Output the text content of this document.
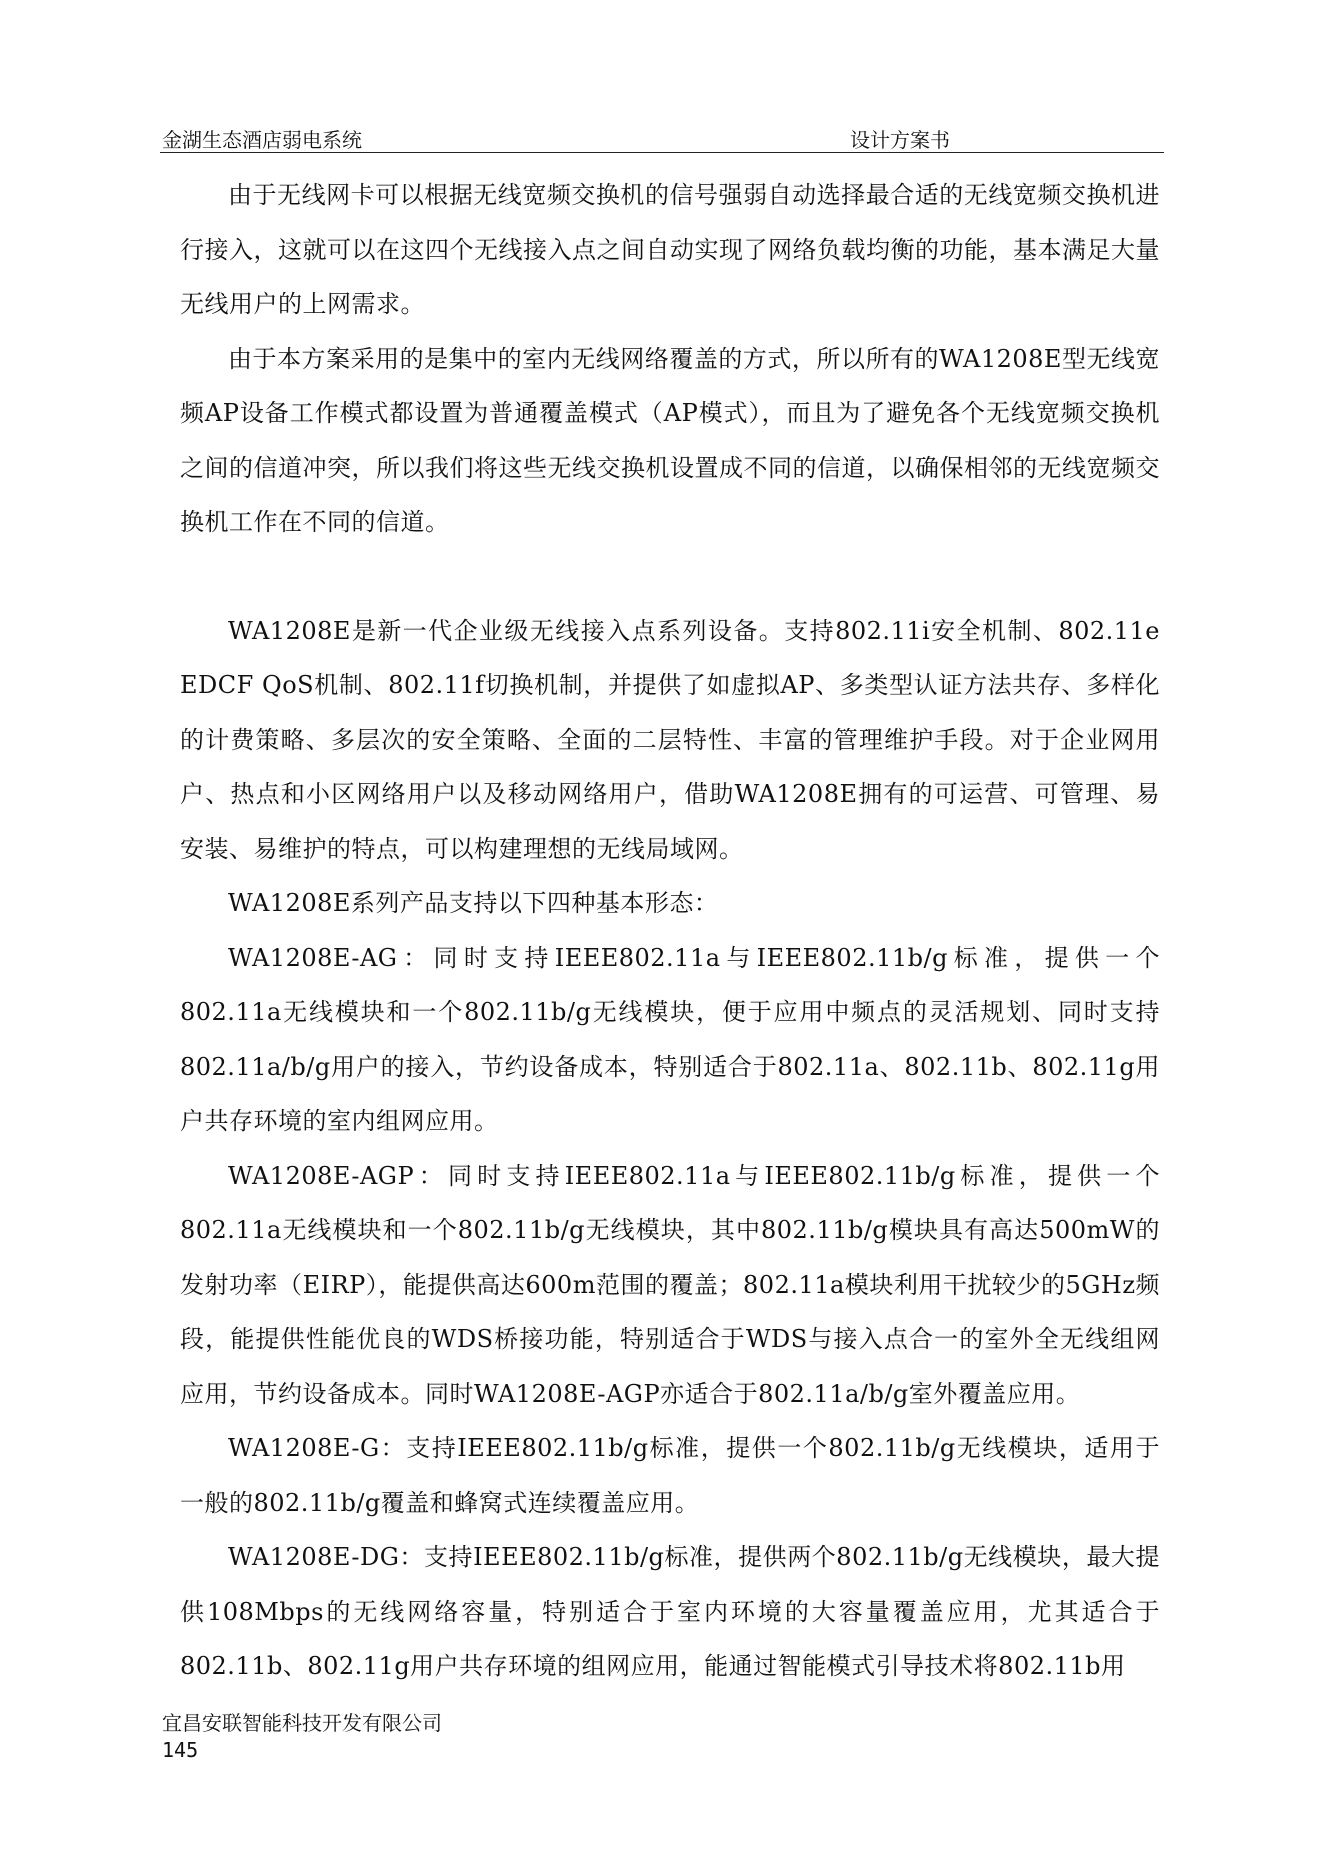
金湖生态酒店弱电系统	设计方案书

由于无线网卡可以根据无线宽频交换机的信号强弱自动选择最合适的无线宽频交换机进行接入，这就可以在这四个无线接入点之间自动实现了网络负载均衡的功能，基本满足大量无线用户的上网需求。

由于本方案采用的是集中的室内无线网络覆盖的方式，所以所有的WA1208E型无线宽频AP设备工作模式都设置为普通覆盖模式（AP模式），而且为了避免各个无线宽频交换机之间的信道冲突，所以我们将这些无线交换机设置成不同的信道，以确保相邻的无线宽频交换机工作在不同的信道。

WA1208E是新一代企业级无线接入点系列设备。支持802.11i安全机制、802.11e EDCF QoS机制、802.11f切换机制，并提供了如虚拟AP、多类型认证方法共存、多样化的计费策略、多层次的安全策略、全面的二层特性、丰富的管理维护手段。对于企业网用户、热点和小区网络用户以及移动网络用户，借助WA1208E拥有的可运营、可管理、易安装、易维护的特点，可以构建理想的无线局域网。

WA1208E系列产品支持以下四种基本形态：

WA1208E-AG：同时支持IEEE802.11a与IEEE802.11b/g标准，提供一个802.11a无线模块和一个802.11b/g无线模块，便于应用中频点的灵活规划、同时支持802.11a/b/g用户的接入，节约设备成本，特别适合于802.11a、802.11b、802.11g用户共存环境的室内组网应用。

WA1208E-AGP：同时支持IEEE802.11a与IEEE802.11b/g标准，提供一个802.11a无线模块和一个802.11b/g无线模块，其中802.11b/g模块具有高达500mW的发射功率（EIRP），能提供高达600m范围的覆盖；802.11a模块利用干扰较少的5GHz频段，能提供性能优良的WDS桥接功能，特别适合于WDS与接入点合一的室外全无线组网应用，节约设备成本。同时WA1208E-AGP亦适合于802.11a/b/g室外覆盖应用。

WA1208E-G：支持IEEE802.11b/g标准，提供一个802.11b/g无线模块，适用于一般的802.11b/g覆盖和蜂窝式连续覆盖应用。

WA1208E-DG：支持IEEE802.11b/g标准，提供两个802.11b/g无线模块，最大提供108Mbps的无线网络容量，特别适合于室内环境的大容量覆盖应用，尤其适合于802.11b、802.11g用户共存环境的组网应用，能通过智能模式引导技术将802.11b用

宜昌安联智能科技开发有限公司
145
